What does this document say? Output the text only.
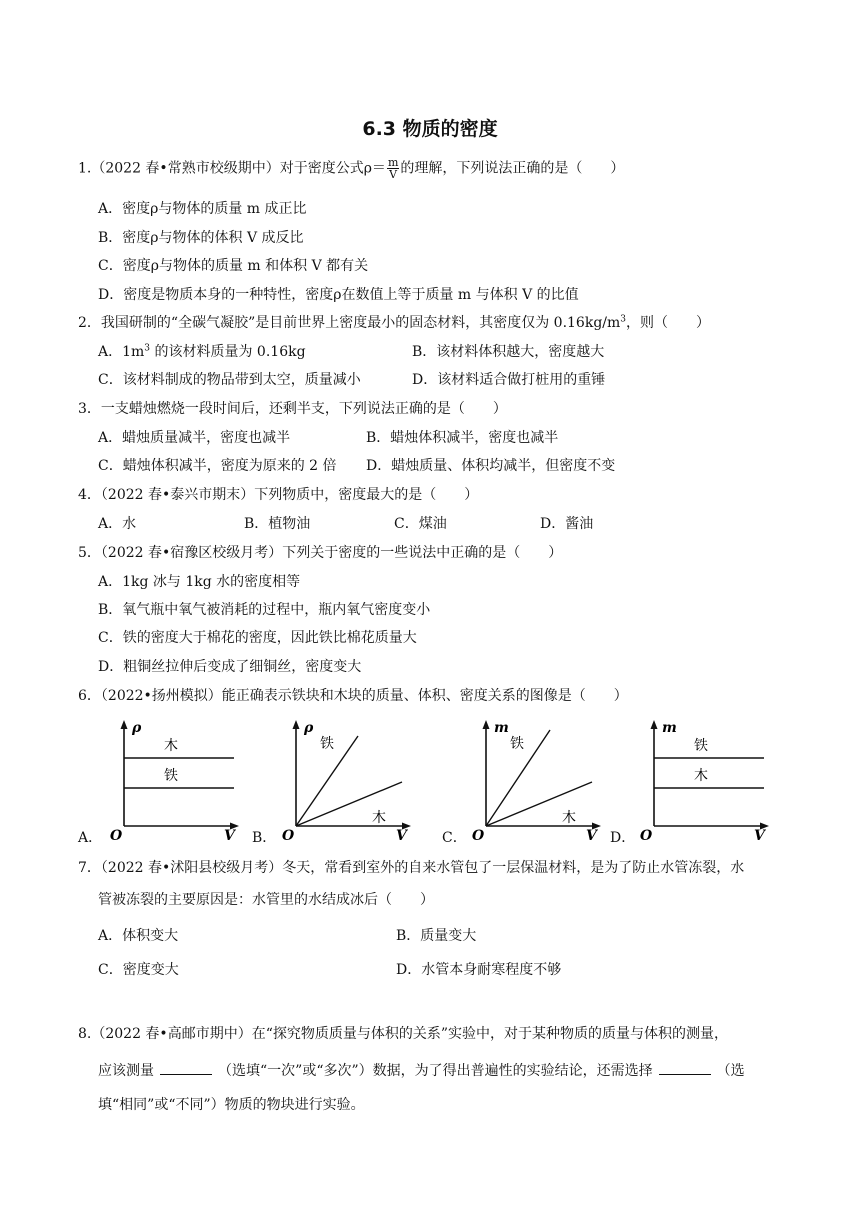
6.3 物质的密度
1.（2022 春•常熟市校级期中）对于密度公式$\rho= \frac{m}{V}$ 的理解，下列说法正确的是（　　）
A．密度ρ与物体的质量 m 成正比
B．密度ρ与物体的体积 V 成反比
C．密度ρ与物体的质量 m 和体积 V 都有关
D．密度是物质本身的一种特性，密度ρ在数值上等于质量 m 与体积 V 的比值
2．我国研制的“全碳气凝胶”是目前世界上密度最小的固态材料，其密度仅为 $0.16kg/m^3$，则（　　）
A．$1m^3$ 的该材料质量为 0.16kg	B．该材料体积越大，密度越大
C．该材料制成的物品带到太空，质量减小	D．该材料适合做打桩用的重锤
3．一支蜡烛燃烧一段时间后，还剩半支，下列说法正确的是（　　）
A．蜡烛质量减半，密度也减半	B．蜡烛体积减半，密度也减半
C．蜡烛体积减半，密度为原来的 2 倍 D．蜡烛质量、体积均减半，但密度不变
4．（2022 春•泰兴市期末）下列物质中，密度最大的是（　　）
A．水	B．植物油	C．煤油	D．酱油
5．（2022 春•宿豫区校级月考）下列关于密度的一些说法中正确的是（　　）
A．1kg 冰与 1kg 水的密度相等
B．氧气瓶中氧气被消耗的过程中，瓶内氧气密度变小
C．铁的密度大于棉花的密度，因此铁比棉花质量大
D．粗铜丝拉伸后变成了细铜丝，密度变大
6．（2022•扬州模拟）能正确表示铁块和木块的质量、体积、密度关系的图像是（　　）
A．
ρ
木
铁
O	V B．
ρ
铁
木
O	V	C．
m
铁
木
O	V D．
m
铁
木
O	V
7．（2022 春•沭阳县校级月考）冬天，常看到室外的自来水管包了一层保温材料，是为了防止水管冻裂，水
管被冻裂的主要原因是：水管里的水结成冰后（　　）
A．体积变大	B．质量变大
C．密度变大	D．水管本身耐寒程度不够
8.（2022 春•高邮市期中）在“探究物质质量与体积的关系”实验中，对于某种物质的质量与体积的测量，
应该测量	（选填“一次”或“多次”）数据，为了得出普遍性的实验结论，还需选择	（选
填“相同”或“不同”）物质的物块进行实验。
